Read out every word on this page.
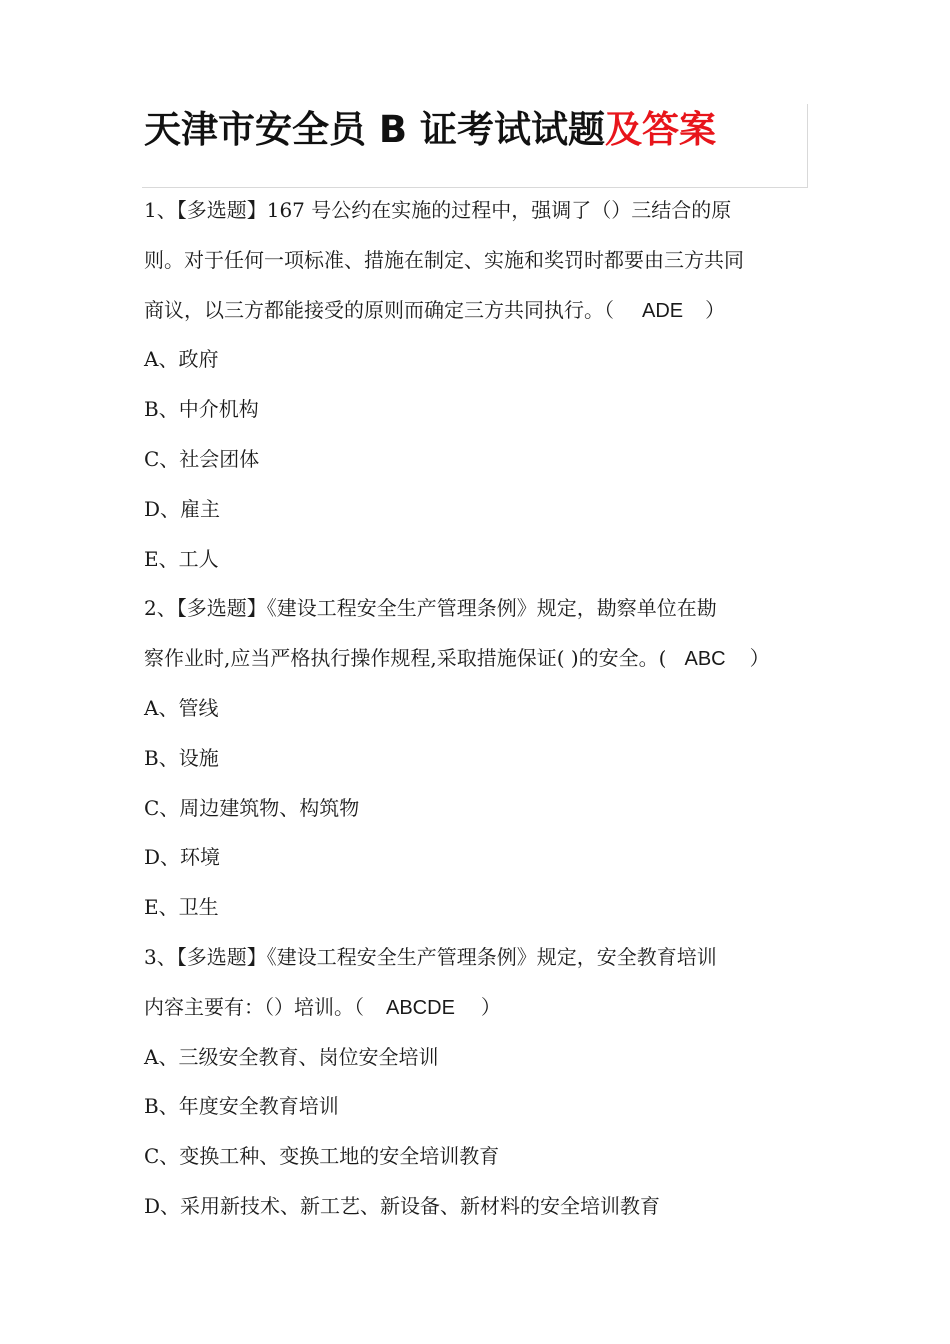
天津市安全员 B 证考试试题及答案
1、【多选题】167 号公约在实施的过程中，强调了（）三结合的原
则。对于任何一项标准、措施在制定、实施和奖罚时都要由三方共同
商议，以三方都能接受的原则而确定三方共同执行。（ ADE ）
A、政府
B、中介机构
C、社会团体
D、雇主
E、工人
2、【多选题】《建设工程安全生产管理条例》规定，勘察单位在勘
察作业时,应当严格执行操作规程,采取措施保证( )的安全。( ABC ）
A、管线
B、设施
C、周边建筑物、构筑物
D、环境
E、卫生
3、【多选题】《建设工程安全生产管理条例》规定，安全教育培训
内容主要有：（）培训。（ ABCDE ）
A、三级安全教育、岗位安全培训
B、年度安全教育培训
C、变换工种、变换工地的安全培训教育
D、采用新技术、新工艺、新设备、新材料的安全培训教育
